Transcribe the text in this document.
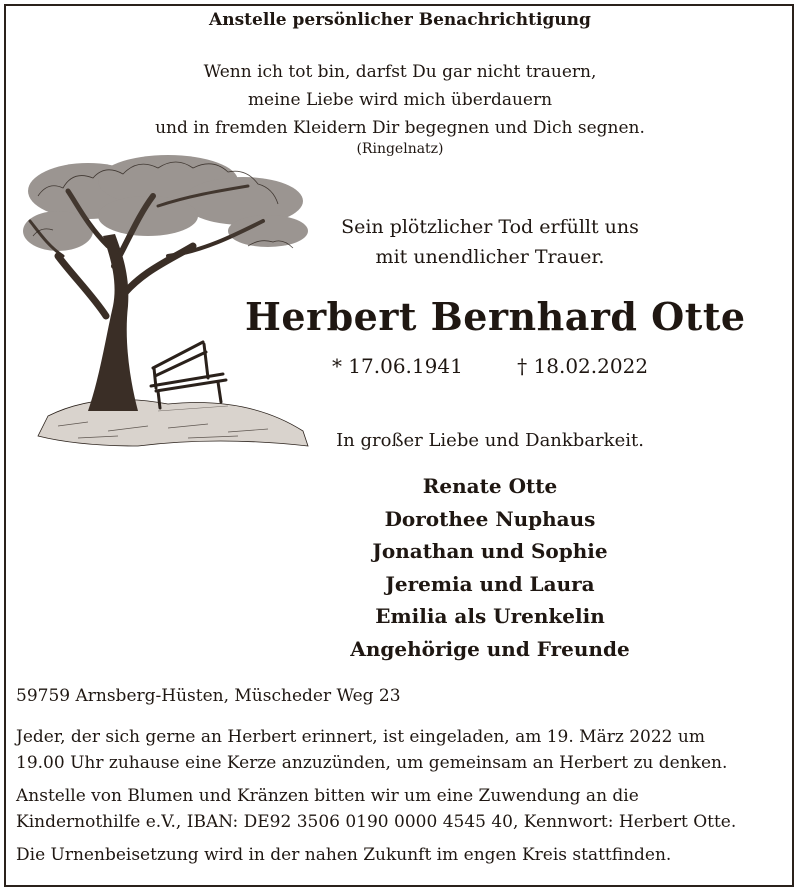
Anstelle persönlicher Benachrichtigung
Wenn ich tot bin, darfst Du gar nicht trauern,
meine Liebe wird mich überdauern
und in fremden Kleidern Dir begegnen und Dich segnen.
(Ringelnatz)
Sein plötzlicher Tod erfüllt uns
mit unendlicher Trauer.
Herbert Bernhard Otte
* 17.06.1941	† 18.02.2022
In großer Liebe und Dankbarkeit.
Renate Otte
Dorothee Nuphaus
Jonathan und Sophie
Jeremia und Laura
Emilia als Urenkelin
Angehörige und Freunde
59759 Arnsberg-Hüsten, Müscheder Weg 23
Jeder, der sich gerne an Herbert erinnert, ist eingeladen, am 19. März 2022 um
19.00 Uhr zuhause eine Kerze anzuzünden, um gemeinsam an Herbert zu denken.
Anstelle von Blumen und Kränzen bitten wir um eine Zuwendung an die
Kindernothilfe e.V., IBAN: DE92 3506 0190 0000 4545 40, Kennwort: Herbert Otte.
Die Urnenbeisetzung wird in der nahen Zukunft im engen Kreis stattfinden.
